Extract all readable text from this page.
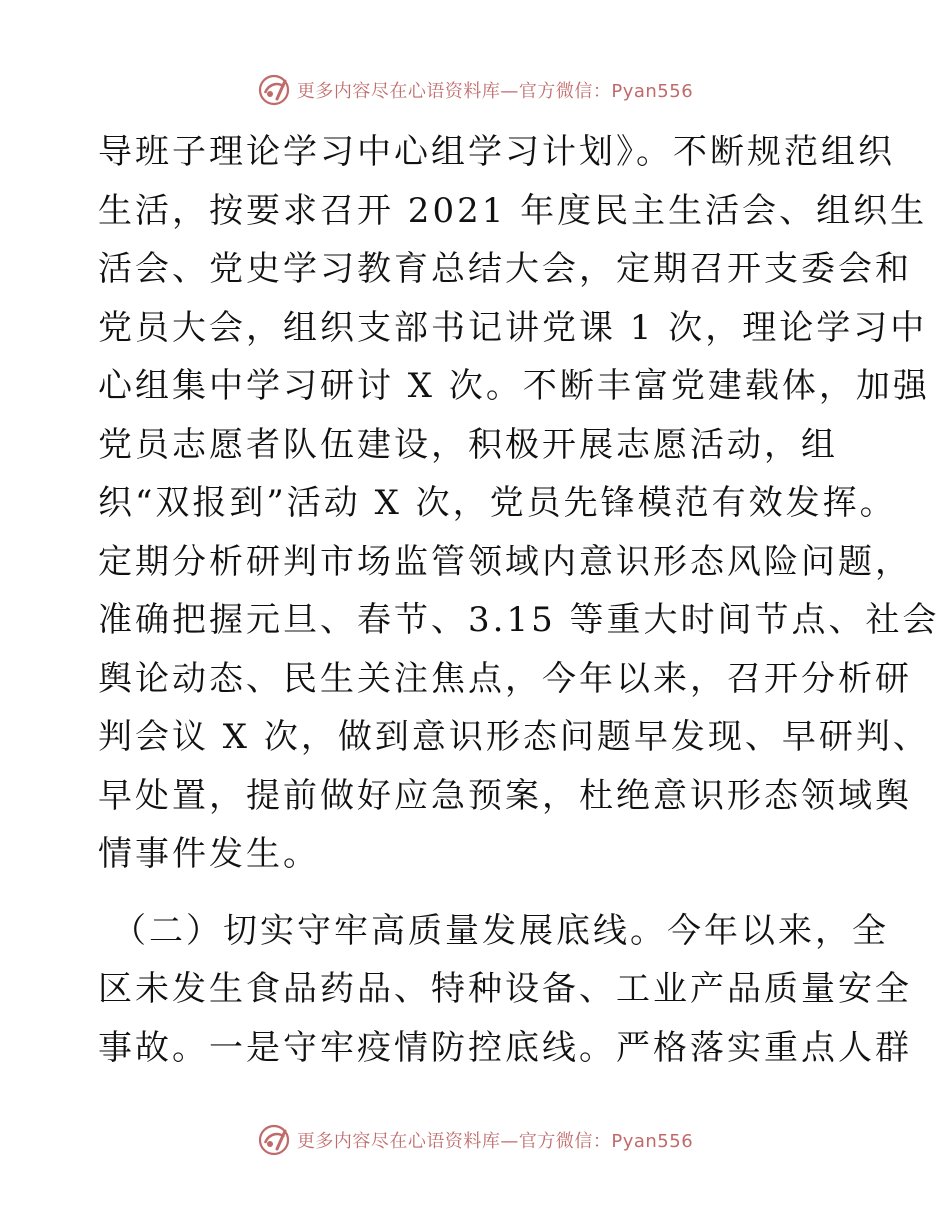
更多内容尽在心语资料库—官方微信：Pyan556
导班子理论学习中心组学习计划》。不断规范组织
生活，按要求召开 2021 年度民主生活会、组织生
活会、党史学习教育总结大会，定期召开支委会和
党员大会，组织支部书记讲党课 1 次，理论学习中
心组集中学习研讨 X 次。不断丰富党建载体，加强
党员志愿者队伍建设，积极开展志愿活动，组
织“双报到”活动 X 次，党员先锋模范有效发挥。
定期分析研判市场监管领域内意识形态风险问题，
准确把握元旦、春节、3.15 等重大时间节点、社会
舆论动态、民生关注焦点，今年以来，召开分析研
判会议 X 次，做到意识形态问题早发现、早研判、
早处置，提前做好应急预案，杜绝意识形态领域舆
情事件发生。
（二）切实守牢高质量发展底线。今年以来，全
区未发生食品药品、特种设备、工业产品质量安全
事故。一是守牢疫情防控底线。严格落实重点人群
更多内容尽在心语资料库—官方微信：Pyan556
